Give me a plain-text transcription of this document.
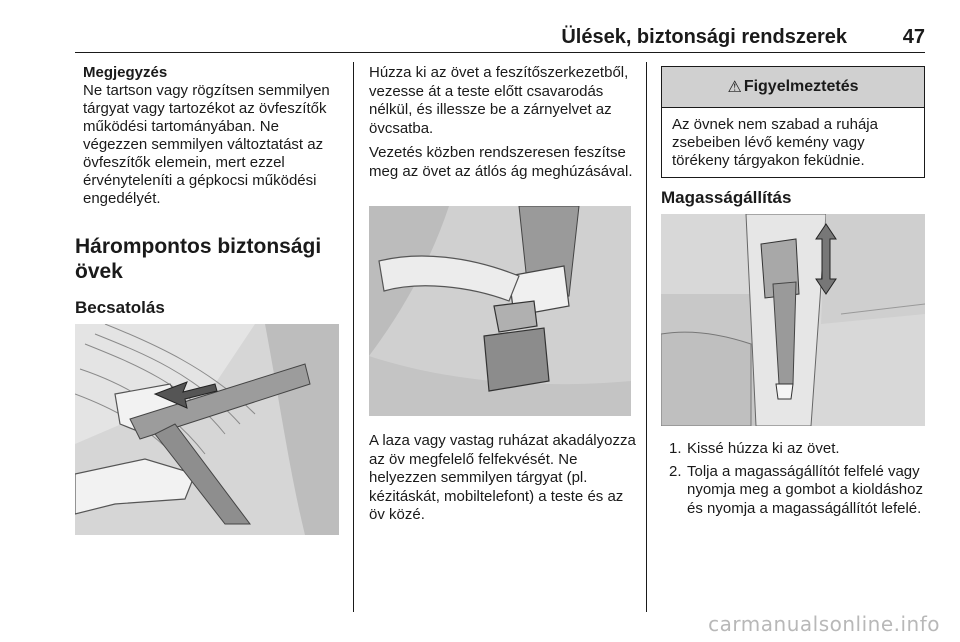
Ülések, biztonsági rendszerek	47

Megjegyzés

Ne tartson vagy rögzítsen semmilyen tárgyat vagy tartozékot az övfeszítők működési tartományában. Ne végezzen semmilyen változtatást az övfeszítők elemein, mert ezzel érvényteleníti a gépkocsi működési engedélyét.

Hárompontos biztonsági övek

Becsatolás

Húzza ki az övet a feszítőszerkezetből, vezesse át a teste előtt csavarodás nélkül, és illessze be a zárnyelvet az övcsatba.

Vezetés közben rendszeresen feszítse meg az övet az átlós ág meghúzásával.

A laza vagy vastag ruházat akadályozza az öv megfelelő felfekvését. Ne helyezzen semmilyen tárgyat (pl. kézitáskát, mobiltelefont) a teste és az öv közé.

⚠ Figyelmeztetés

Az övnek nem szabad a ruhája zsebeiben lévő kemény vagy törékeny tárgyakon feküdnie.

Magasságállítás

1. Kissé húzza ki az övet.
2. Tolja a magasságállítót felfelé vagy nyomja meg a gombot a kioldáshoz és nyomja a magasságállítót lefelé.
carmanualsonline.info
